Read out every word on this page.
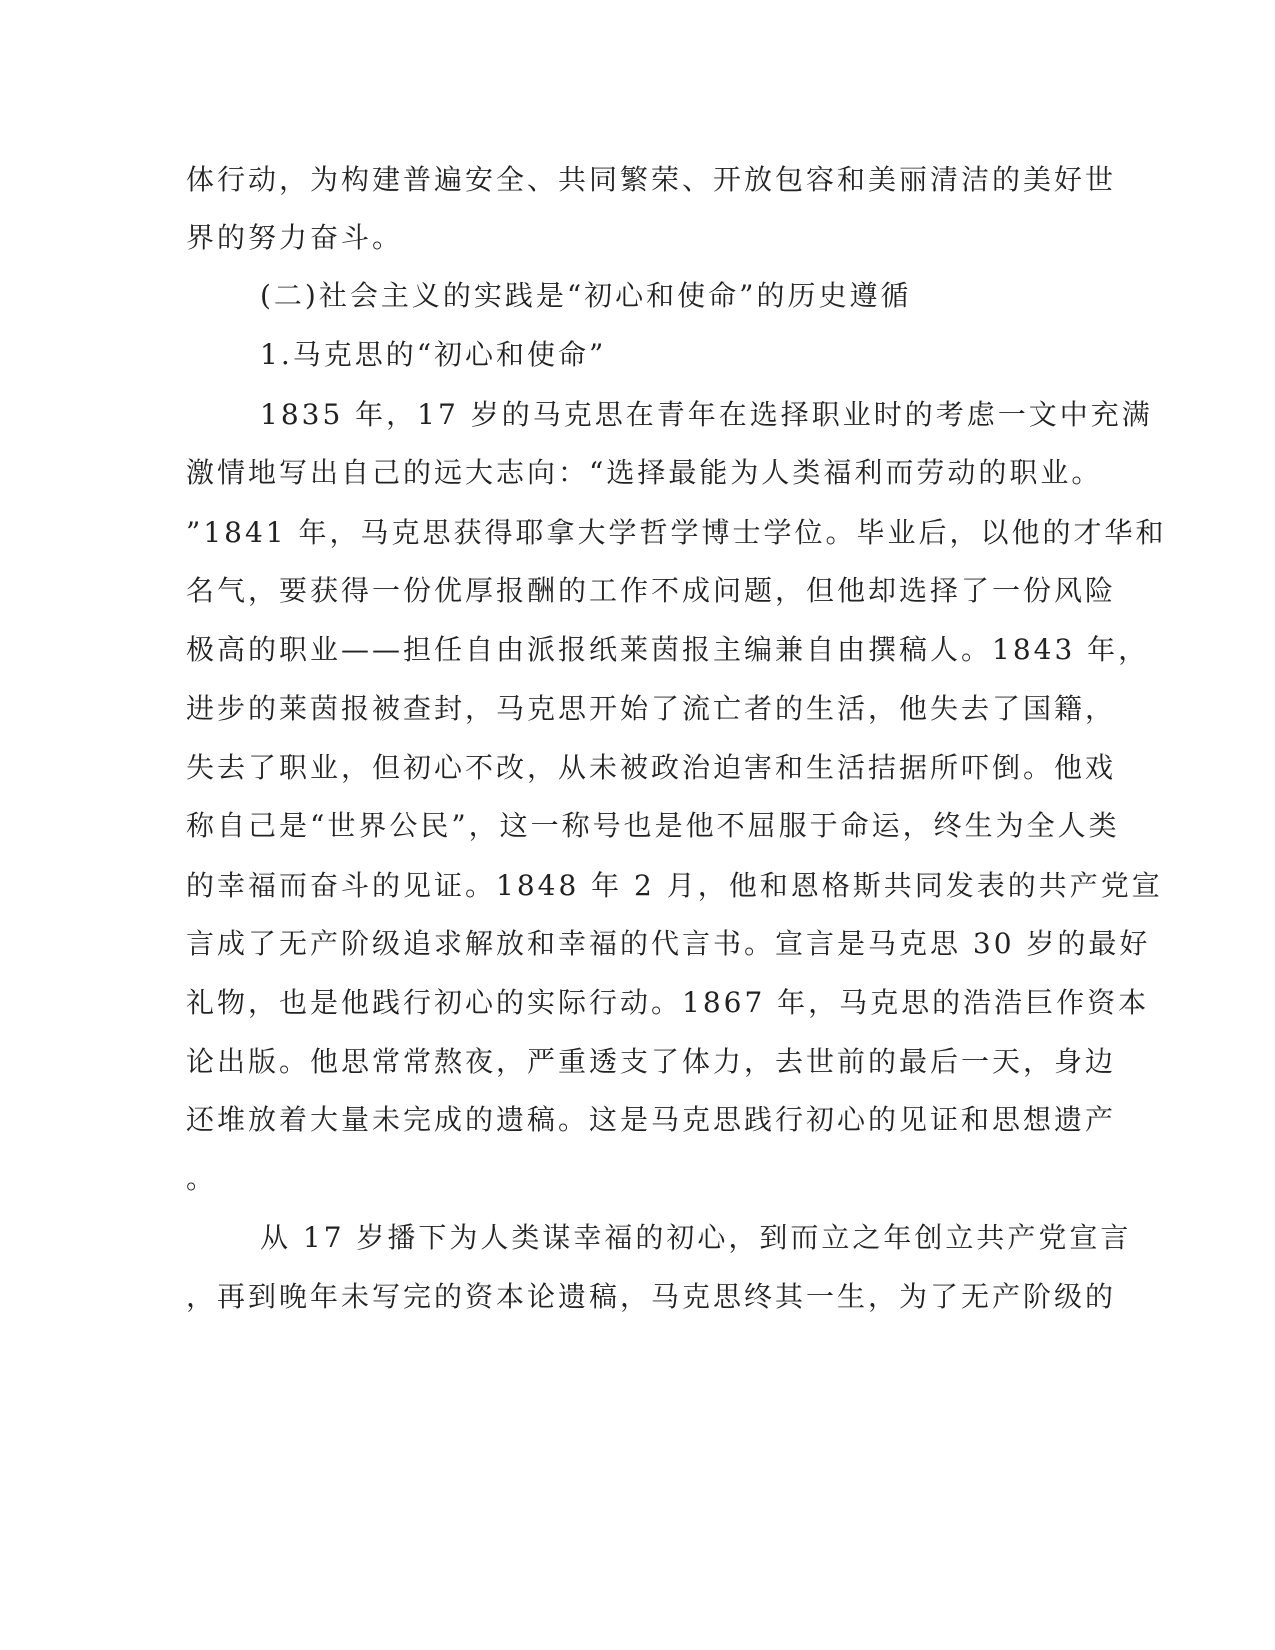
体行动，为构建普遍安全、共同繁荣、开放包容和美丽清洁的美好世
界的努力奋斗。
(二)社会主义的实践是“初心和使命”的历史遵循
1.马克思的“初心和使命”
1835 年，17 岁的马克思在青年在选择职业时的考虑一文中充满
激情地写出自己的远大志向：“选择最能为人类福利而劳动的职业。
”1841 年，马克思获得耶拿大学哲学博士学位。毕业后，以他的才华和
名气，要获得一份优厚报酬的工作不成问题，但他却选择了一份风险
极高的职业——担任自由派报纸莱茵报主编兼自由撰稿人。1843 年，
进步的莱茵报被查封，马克思开始了流亡者的生活，他失去了国籍，
失去了职业，但初心不改，从未被政治迫害和生活拮据所吓倒。他戏
称自己是“世界公民”，这一称号也是他不屈服于命运，终生为全人类
的幸福而奋斗的见证。1848 年 2 月，他和恩格斯共同发表的共产党宣
言成了无产阶级追求解放和幸福的代言书。宣言是马克思 30 岁的最好
礼物，也是他践行初心的实际行动。1867 年，马克思的浩浩巨作资本
论出版。他思常常熬夜，严重透支了体力，去世前的最后一天，身边
还堆放着大量未完成的遗稿。这是马克思践行初心的见证和思想遗产
。
从 17 岁播下为人类谋幸福的初心，到而立之年创立共产党宣言
，再到晚年未写完的资本论遗稿，马克思终其一生，为了无产阶级的
